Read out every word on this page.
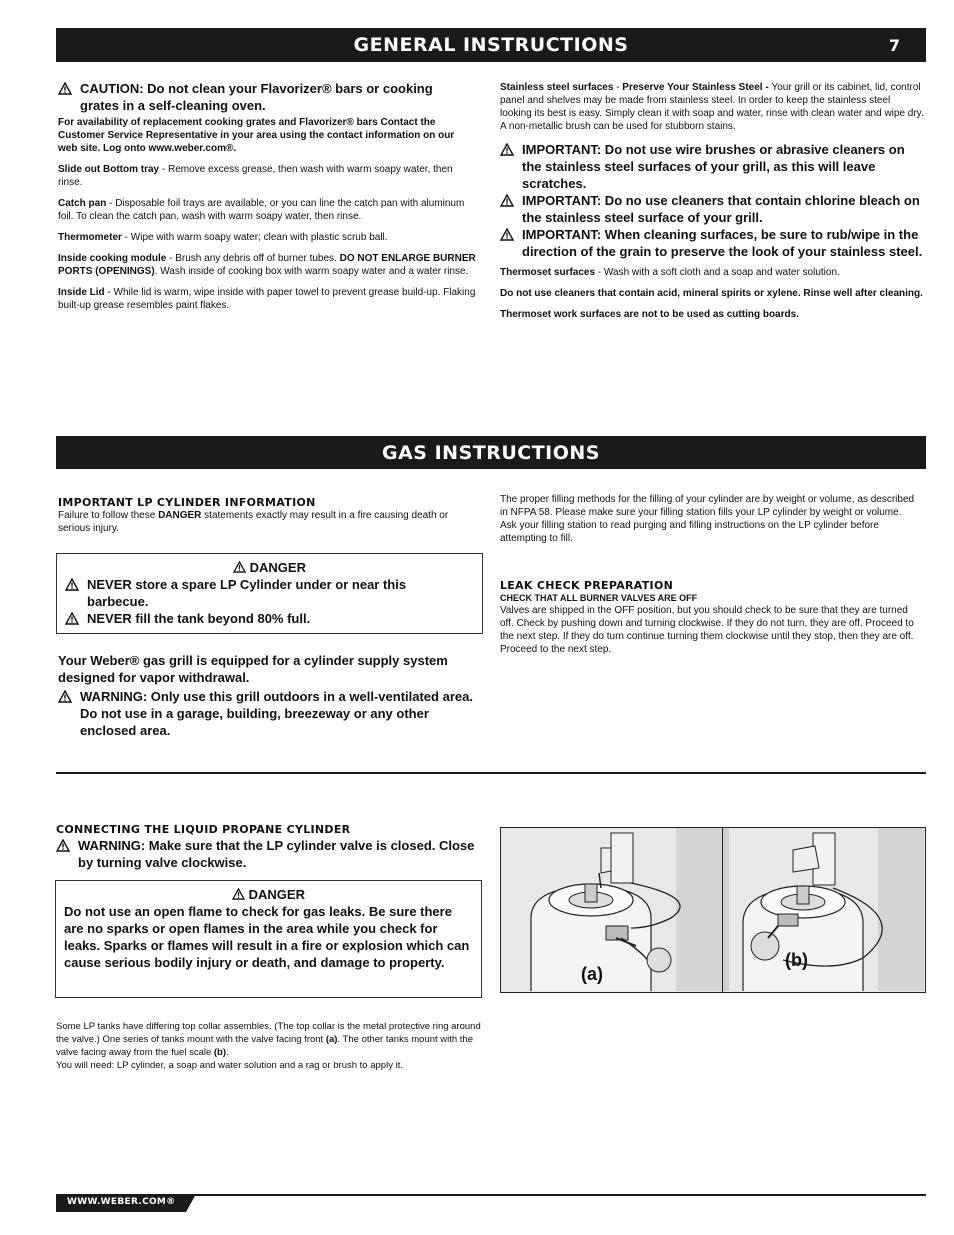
GENERAL INSTRUCTIONS	7
CAUTION: Do not clean your Flavorizer® bars or cooking
grates in a self-cleaning oven.
For availability of replacement cooking grates and Flavorizer® bars Contact the Customer Service Representative in your area using the contact information on our web site. Log onto www.weber.com®.
Slide out Bottom tray - Remove excess grease, then wash with warm soapy water, then rinse.
Catch pan - Disposable foil trays are available, or you can line the catch pan with aluminum foil. To clean the catch pan, wash with warm soapy water, then rinse.
Thermometer - Wipe with warm soapy water; clean with plastic scrub ball.
Inside cooking module - Brush any debris off of burner tubes. DO NOT ENLARGE BURNER PORTS (OPENINGS). Wash inside of cooking box with warm soapy water and a water rinse.
Inside Lid - While lid is warm, wipe inside with paper towel to prevent grease build-up. Flaking built-up grease resembles paint flakes.
Stainless steel surfaces - Preserve Your Stainless Steel - Your grill or its cabinet, lid, control panel and shelves may be made from stainless steel. In order to keep the stainless steel looking its best is easy. Simply clean it with soap and water, rinse with clean water and wipe dry. A non-metallic brush can be used for stubborn stains.
IMPORTANT: Do not use wire brushes or abrasive cleaners on the stainless steel surfaces of your grill, as this will leave scratches.
IMPORTANT: Do no use cleaners that contain chlorine bleach on the stainless steel surface of your grill.
IMPORTANT: When cleaning surfaces, be sure to rub/wipe in the direction of the grain to preserve the look of your stainless steel.
Thermoset surfaces - Wash with a soft cloth and a soap and water solution.
Do not use cleaners that contain acid, mineral spirits or xylene. Rinse well after cleaning.
Thermoset work surfaces are not to be used as cutting boards.
GAS INSTRUCTIONS
IMPORTANT LP CYLINDER INFORMATION
Failure to follow these DANGER statements exactly may result in a fire causing death or serious injury.
DANGER
NEVER store a spare LP Cylinder under or near this barbecue.
NEVER fill the tank beyond 80% full.
Your Weber® gas grill is equipped for a cylinder supply system designed for vapor withdrawal.
WARNING: Only use this grill outdoors in a well-ventilated area. Do not use in a garage, building, breezeway or any other enclosed area.
The proper filling methods for the filling of your cylinder are by weight or volume, as described in NFPA 58. Please make sure your filling station fills your LP cylinder by weight or volume. Ask your filling station to read purging and filling instructions on the LP cylinder before attempting to fill.
LEAK CHECK PREPARATION
CHECK THAT ALL BURNER VALVES ARE OFF
Valves are shipped in the OFF position, but you should check to be sure that they are turned off. Check by pushing down and turning clockwise. If they do not turn, they are off. Proceed to the next step. If they do turn continue turning them clockwise until they stop, then they are off. Proceed to the next step.
CONNECTING THE LIQUID PROPANE CYLINDER
WARNING: Make sure that the LP cylinder valve is closed. Close by turning valve clockwise.
DANGER
Do not use an open flame to check for gas leaks. Be sure there are no sparks or open flames in the area while you check for leaks. Sparks or flames will result in a fire or explosion which can cause serious bodily injury or death, and damage to property.
Some LP tanks have differing top collar assembles. (The top collar is the metal protective ring around the valve.) One series of tanks mount with the valve facing front (a). The other tanks mount with the valve facing away from the fuel scale (b).
You will need: LP cylinder, a soap and water solution and a rag or brush to apply it.
(a)
(b)
WWW.WEBER.COM®
